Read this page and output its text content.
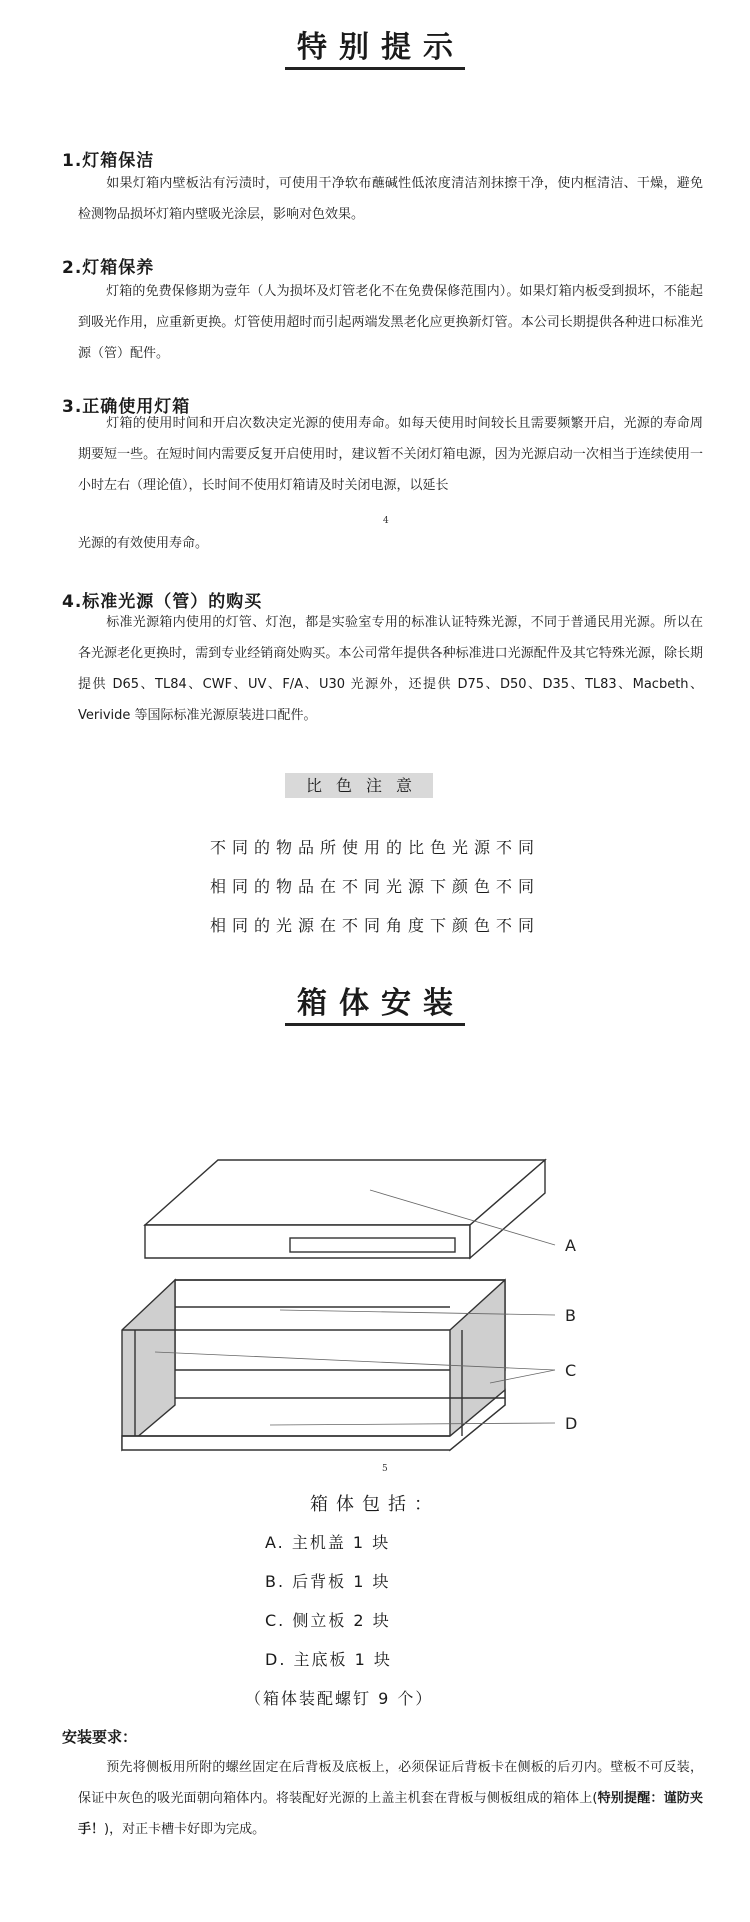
特别提示
1.灯箱保洁
如果灯箱内壁板沾有污渍时，可使用干净软布蘸碱性低浓度清洁剂抹擦干净，使内框清洁、干燥，避免检测物品损坏灯箱内壁吸光涂层，影响对色效果。
2.灯箱保养
灯箱的免费保修期为壹年（人为损坏及灯管老化不在免费保修范围内）。如果灯箱内板受到损坏，不能起到吸光作用，应重新更换。灯管使用超时而引起两端发黑老化应更换新灯管。本公司长期提供各种进口标准光源（管）配件。
3.正确使用灯箱
灯箱的使用时间和开启次数决定光源的使用寿命。如每天使用时间较长且需要频繁开启，光源的寿命周期要短一些。在短时间内需要反复开启使用时，建议暂不关闭灯箱电源，因为光源启动一次相当于连续使用一小时左右（理论值），长时间不使用灯箱请及时关闭电源，以延长
4
光源的有效使用寿命。
4.标准光源（管）的购买
标准光源箱内使用的灯管、灯泡，都是实验室专用的标准认证特殊光源，不同于普通民用光源。所以在各光源老化更换时，需到专业经销商处购买。本公司常年提供各种标准进口光源配件及其它特殊光源，除长期提供 D65、TL84、CWF、UV、F/A、U30 光源外，还提供 D75、D50、D35、TL83、Macbeth、Verivide 等国际标准光源原装进口配件。
比色注意
不同的物品所使用的比色光源不同
相同的物品在不同光源下颜色不同
相同的光源在不同角度下颜色不同
箱体安装
A
B
C
D
5
箱体包括：
A. 主机盖 1 块
B. 后背板 1 块
C. 侧立板 2 块
D. 主底板 1 块
（箱体装配螺钉 9 个）
安装要求：
预先将侧板用所附的螺丝固定在后背板及底板上，必须保证后背板卡在侧板的后刃内。壁板不可反装，保证中灰色的吸光面朝向箱体内。将装配好光源的上盖主机套在背板与侧板组成的箱体上(特别提醒：谨防夹手！)，对正卡槽卡好即为完成。
